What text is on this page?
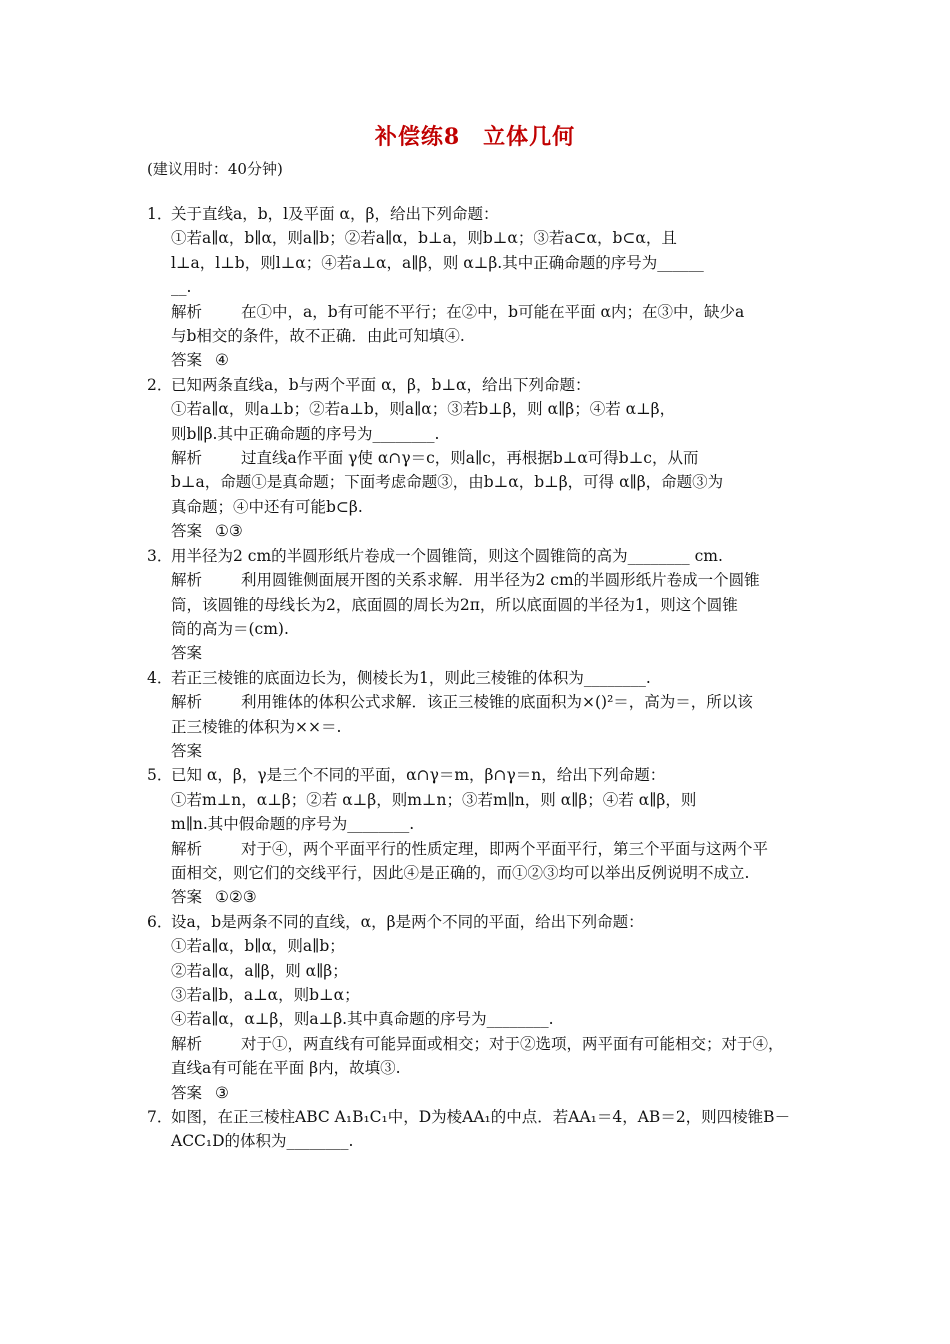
补偿练8　立体几何
(建议用时：40分钟)
1．
关于直线a，b，l及平面 α，β，给出下列命题：
①若a∥α，b∥α，则a∥b；②若a∥α，b⊥a，则b⊥α；③若a⊂α，b⊂α，且
l⊥a，l⊥b，则l⊥α；④若a⊥α，a∥β，则 α⊥β.其中正确命题的序号为______
__.
解析	在①中，a，b有可能不平行；在②中，b可能在平面 α内；在③中，缺少a
与b相交的条件，故不正确．由此可知填④.
答案 ④
2．
已知两条直线a，b与两个平面 α，β，b⊥α，给出下列命题：
①若a∥α，则a⊥b；②若a⊥b，则a∥α；③若b⊥β，则 α∥β；④若 α⊥β，
则b∥β.其中正确命题的序号为________.
解析	过直线a作平面 γ使 α∩γ＝c，则a∥c，再根据b⊥α可得b⊥c，从而
b⊥a，命题①是真命题；下面考虑命题③，由b⊥α，b⊥β，可得 α∥β，命题③为
真命题；④中还有可能b⊂β.
答案 ①③
3．
用半径为2 cm的半圆形纸片卷成一个圆锥筒，则这个圆锥筒的高为________ cm.
解析	利用圆锥侧面展开图的关系求解．用半径为2 cm的半圆形纸片卷成一个圆锥
筒，该圆锥的母线长为2，底面圆的周长为2π，所以底面圆的半径为1，则这个圆锥
筒的高为＝(cm).
答案
4．
若正三棱锥的底面边长为，侧棱长为1，则此三棱锥的体积为________.
解析	利用锥体的体积公式求解．该正三棱锥的底面积为×()²＝，高为＝，所以该
正三棱锥的体积为××＝.
答案
5．
已知 α，β，γ是三个不同的平面，α∩γ＝m，β∩γ＝n，给出下列命题：
①若m⊥n，α⊥β；②若 α⊥β，则m⊥n；③若m∥n，则 α∥β；④若 α∥β，则
m∥n.其中假命题的序号为________.
解析	对于④，两个平面平行的性质定理，即两个平面平行，第三个平面与这两个平
面相交，则它们的交线平行，因此④是正确的，而①②③均可以举出反例说明不成立.
答案 ①②③
6．
设a，b是两条不同的直线，α，β是两个不同的平面，给出下列命题：
①若a∥α，b∥α，则a∥b；
②若a∥α，a∥β，则 α∥β；
③若a∥b，a⊥α，则b⊥α；
④若a∥α，α⊥β，则a⊥β.其中真命题的序号为________.
解析	对于①，两直线有可能异面或相交；对于②选项，两平面有可能相交；对于④，
直线a有可能在平面 β内，故填③.
答案 ③
7．
如图，在正三棱柱ABC A₁B₁C₁中，D为棱AA₁的中点．若AA₁＝4，AB＝2，则四棱锥B－
ACC₁D的体积为________.
